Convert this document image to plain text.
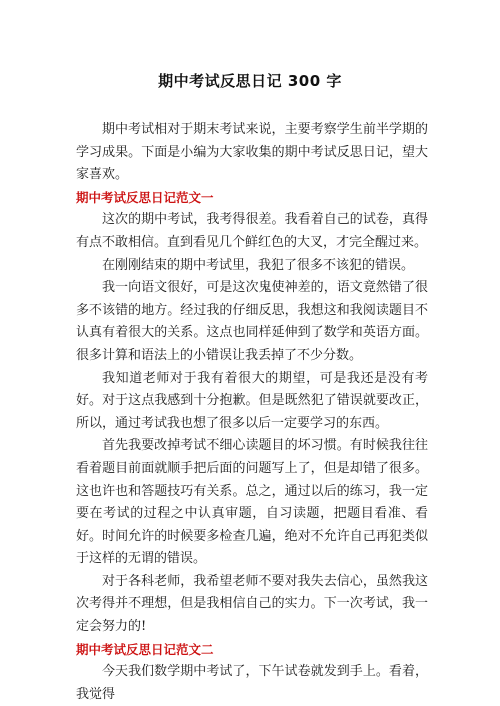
期中考试反思日记 300 字

期中考试相对于期末考试来说，主要考察学生前半学期的学习成果。下面是小编为大家收集的期中考试反思日记，望大家喜欢。

期中考试反思日记范文一

这次的期中考试，我考得很差。我看着自己的试卷，真得有点不敢相信。直到看见几个鲜红色的大叉，才完全醒过来。

在刚刚结束的期中考试里，我犯了很多不该犯的错误。

我一向语文很好，可是这次鬼使神差的，语文竟然错了很多不该错的地方。经过我的仔细反思，我想这和我阅读题目不认真有着很大的关系。这点也同样延伸到了数学和英语方面。很多计算和语法上的小错误让我丢掉了不少分数。

我知道老师对于我有着很大的期望，可是我还是没有考好。对于这点我感到十分抱歉。但是既然犯了错误就要改正，所以，通过考试我也想了很多以后一定要学习的东西。

首先我要改掉考试不细心读题目的坏习惯。有时候我往往看着题目前面就顺手把后面的问题写上了，但是却错了很多。这也许也和答题技巧有关系。总之，通过以后的练习，我一定要在考试的过程之中认真审题，自习读题，把题目看准、看好。时间允许的时候要多检查几遍，绝对不允许自己再犯类似于这样的无谓的错误。

对于各科老师，我希望老师不要对我失去信心，虽然我这次考得并不理想，但是我相信自己的实力。下一次考试，我一定会努力的!

期中考试反思日记范文二

今天我们数学期中考试了，下午试卷就发到手上。看着，我觉得
